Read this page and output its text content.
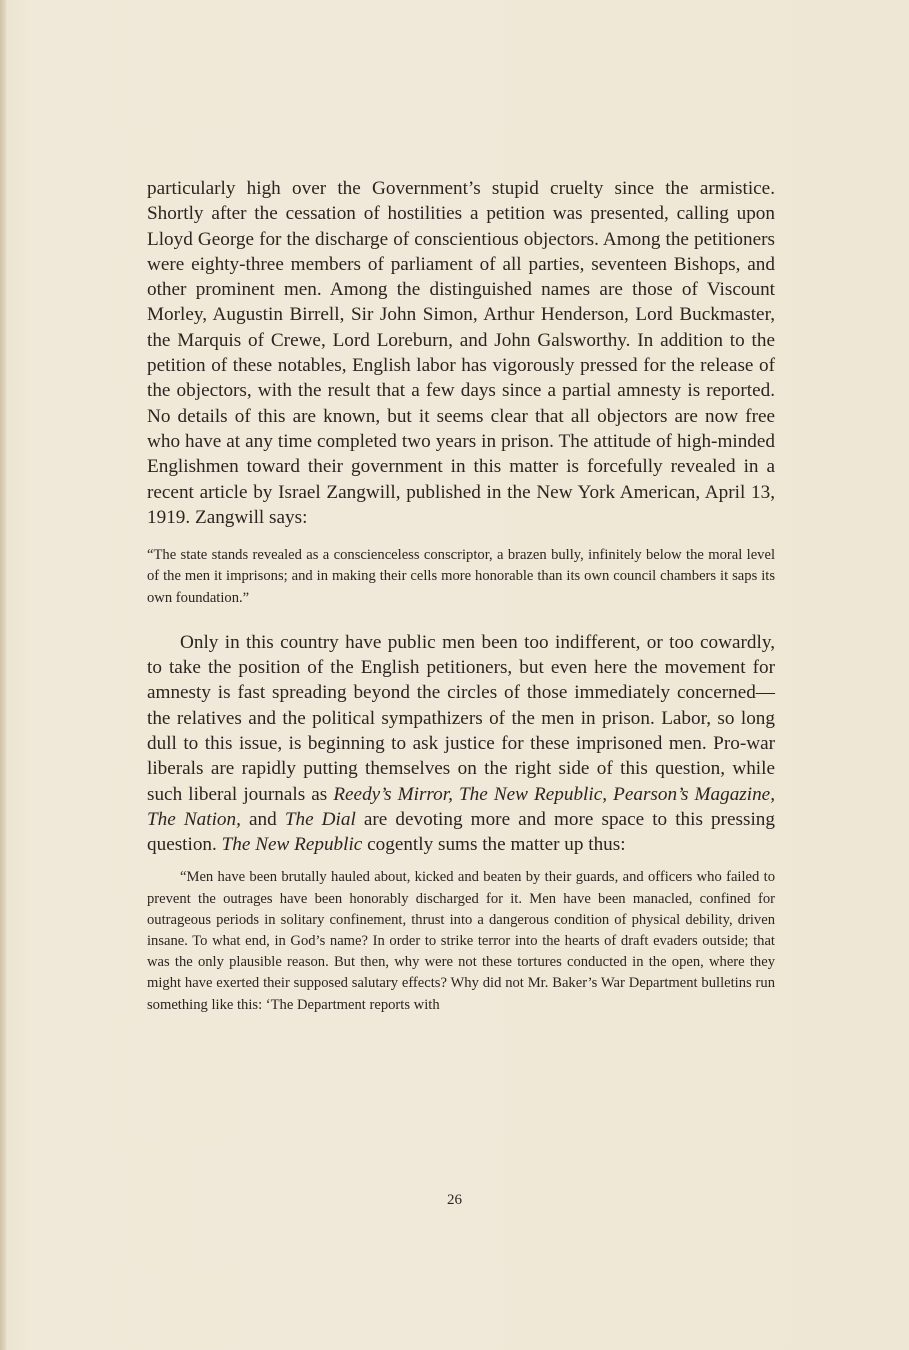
particularly high over the Government’s stupid cruelty since the armistice. Shortly after the cessation of hostilities a petition was presented, calling upon Lloyd George for the discharge of conscientious objectors. Among the petitioners were eighty-three members of parliament of all parties, seventeen Bishops, and other prominent men. Among the distinguished names are those of Viscount Morley, Augustin Birrell, Sir John Simon, Arthur Henderson, Lord Buckmaster, the Marquis of Crewe, Lord Loreburn, and John Galsworthy. In addition to the petition of these notables, English labor has vigorously pressed for the release of the objectors, with the result that a few days since a partial amnesty is reported. No details of this are known, but it seems clear that all objectors are now free who have at any time completed two years in prison. The attitude of high-minded Englishmen toward their government in this matter is forcefully revealed in a recent article by Israel Zangwill, published in the New York American, April 13, 1919. Zangwill says:

“The state stands revealed as a conscienceless conscriptor, a brazen bully, infinitely below the moral level of the men it imprisons; and in making their cells more honorable than its own council chambers it saps its own foundation.”

Only in this country have public men been too indifferent, or too cowardly, to take the position of the English petitioners, but even here the movement for amnesty is fast spreading beyond the circles of those immediately concerned—the relatives and the political sympathizers of the men in prison. Labor, so long dull to this issue, is beginning to ask justice for these imprisoned men. Pro-war liberals are rapidly putting themselves on the right side of this question, while such liberal journals as Reedy’s Mirror, The New Republic, Pearson’s Magazine, The Nation, and The Dial are devoting more and more space to this pressing question. The New Republic cogently sums the matter up thus:

“Men have been brutally hauled about, kicked and beaten by their guards, and officers who failed to prevent the outrages have been honorably discharged for it. Men have been manacled, confined for outrageous periods in solitary confinement, thrust into a dangerous condition of physical debility, driven insane. To what end, in God’s name? In order to strike terror into the hearts of draft evaders outside; that was the only plausible reason. But then, why were not these tortures conducted in the open, where they might have exerted their supposed salutary effects? Why did not Mr. Baker’s War Department bulletins run something like this: ‘The Department reports with

26
